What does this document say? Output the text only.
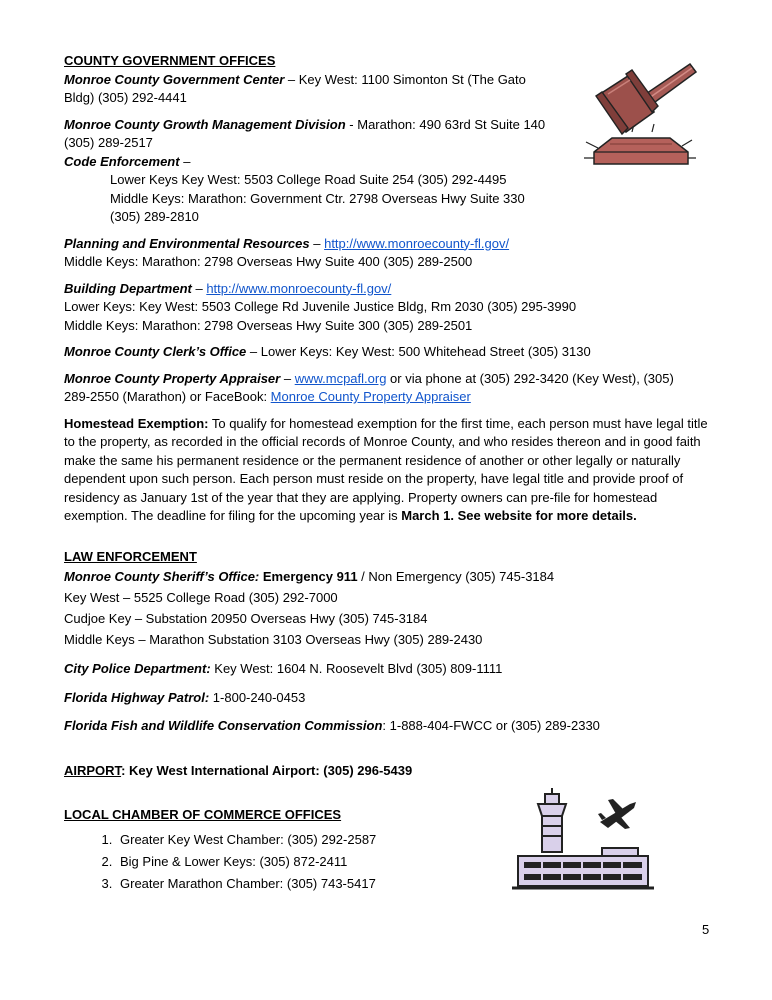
COUNTY GOVERNMENT OFFICES

Monroe County Government Center – Key West: 1100 Simonton St (The Gato Bldg) (305) 292-4441

Monroe County Growth Management Division - Marathon: 490 63rd St Suite 140 (305) 289-2517

Code Enforcement –

Lower Keys Key West: 5503 College Road Suite 254 (305) 292-4495

Middle Keys: Marathon: Government Ctr. 2798 Overseas Hwy Suite 330 (305) 289-2810

Planning and Environmental Resources – http://www.monroecounty-fl.gov/

Middle Keys: Marathon: 2798 Overseas Hwy Suite 400 (305) 289-2500

Building Department – http://www.monroecounty-fl.gov/

Lower Keys: Key West: 5503 College Rd Juvenile Justice Bldg, Rm 2030 (305) 295-3990

Middle Keys: Marathon: 2798 Overseas Hwy Suite 300 (305) 289-2501

Monroe County Clerk’s Office – Lower Keys: Key West: 500 Whitehead Street (305) 3130

Monroe County Property Appraiser – www.mcpafl.org or via phone at (305) 292-3420 (Key West), (305) 289-2550 (Marathon) or FaceBook: Monroe County Property Appraiser

Homestead Exemption: To qualify for homestead exemption for the first time, each person must have legal title to the property, as recorded in the official records of Monroe County, and who resides thereon and in good faith make the same his permanent residence or the permanent residence of another or other legally or naturally dependent upon such person. Each person must reside on the property, have legal title and provide proof of residency as January 1st of the year that they are applying. Property owners can pre-file for homestead exemption. The deadline for filing for the upcoming year is March 1. See website for more details.

LAW ENFORCEMENT

Monroe County Sheriff’s Office: Emergency 911 / Non Emergency (305) 745-3184

Key West – 5525 College Road (305) 292-7000

Cudjoe Key – Substation 20950 Overseas Hwy (305) 745-3184

Middle Keys – Marathon Substation 3103 Overseas Hwy (305) 289-2430

City Police Department: Key West: 1604 N. Roosevelt Blvd (305) 809-1111

Florida Highway Patrol: 1-800-240-0453

Florida Fish and Wildlife Conservation Commission: 1-888-404-FWCC or (305) 289-2330

AIRPORT: Key West International Airport: (305) 296-5439

LOCAL CHAMBER OF COMMERCE OFFICES

1. Greater Key West Chamber: (305) 292-2587
2. Big Pine & Lower Keys: (305) 872-2411
3. Greater Marathon Chamber: (305) 743-5417
5
